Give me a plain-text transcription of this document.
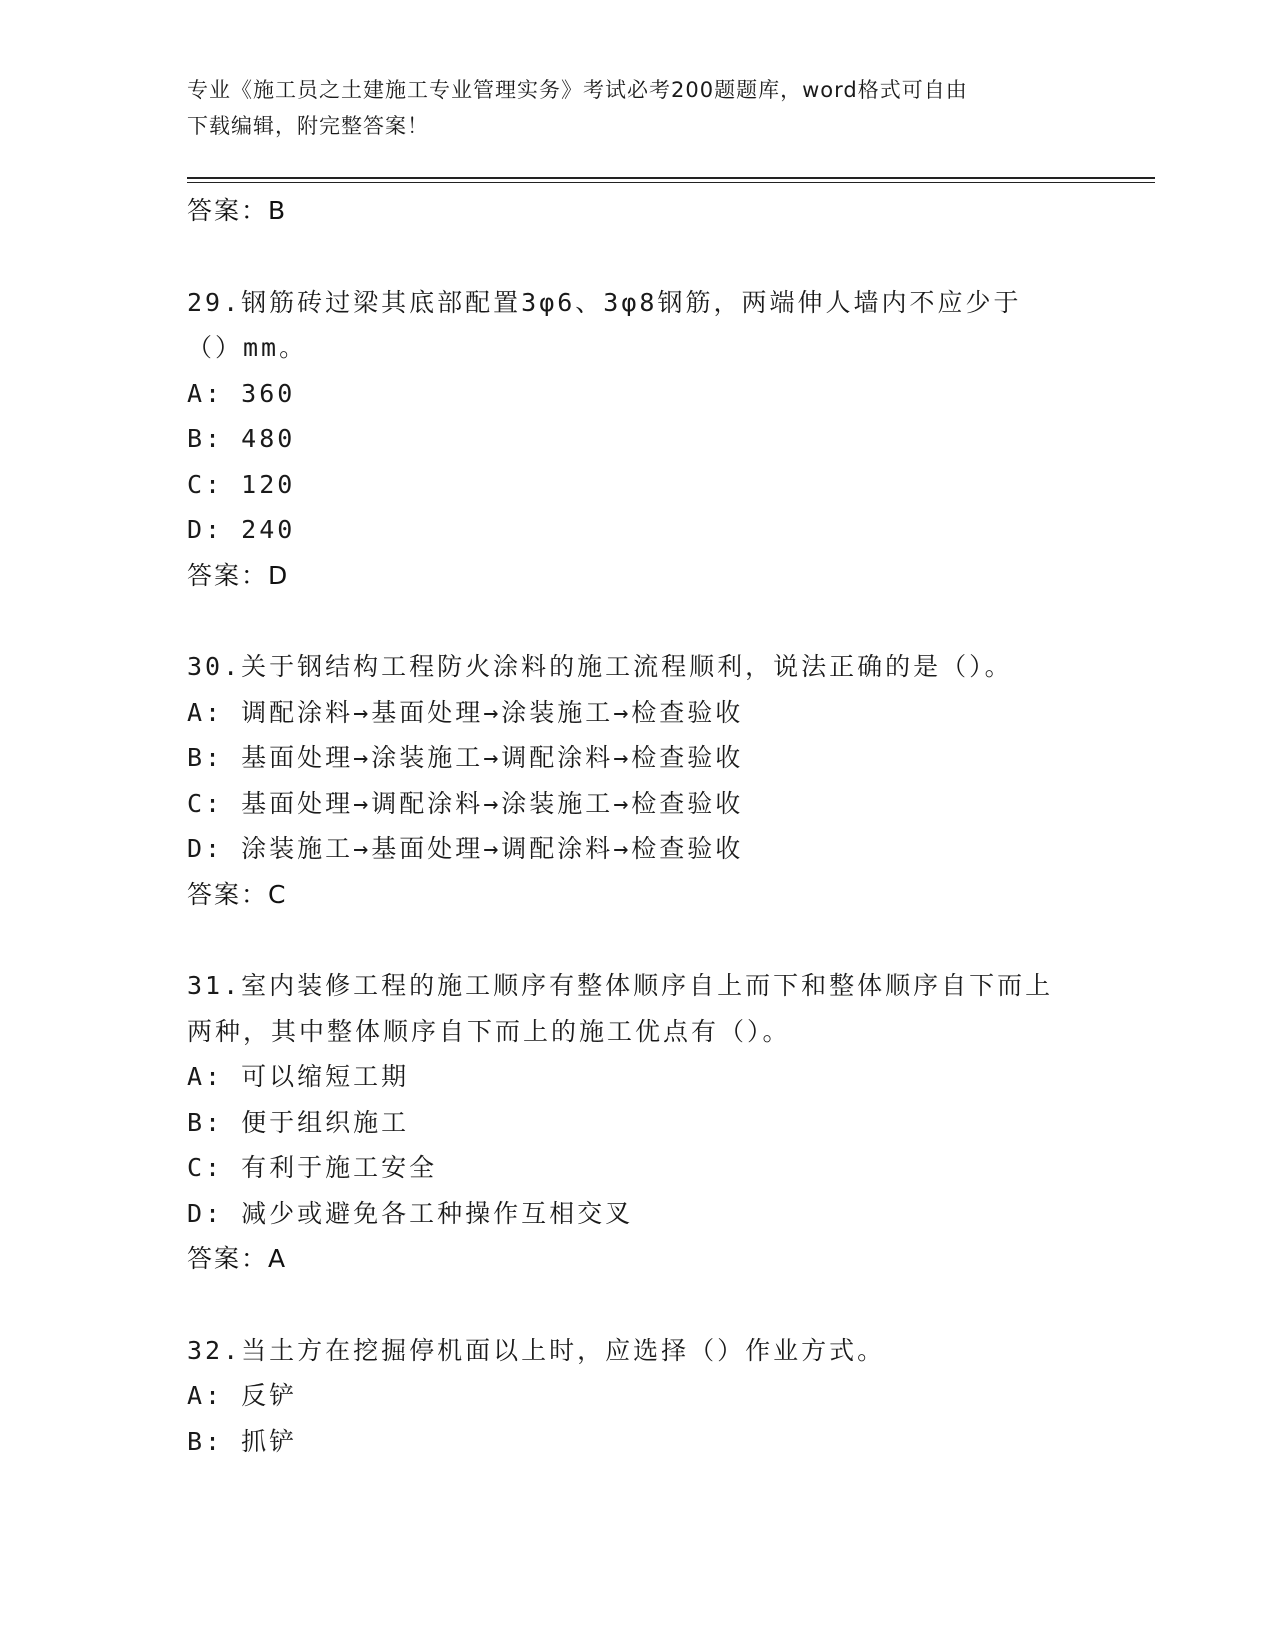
专业《施工员之土建施工专业管理实务》考试必考200题题库，word格式可自由
下载编辑，附完整答案！
答案：B
29.钢筋砖过梁其底部配置3φ6、3φ8钢筋，两端伸人墙内不应少于
（）mm。
A: 360
B: 480
C: 120
D: 240
答案：D
30.关于钢结构工程防火涂料的施工流程顺利，说法正确的是（）。
A: 调配涂料→基面处理→涂装施工→检查验收
B: 基面处理→涂装施工→调配涂料→检查验收
C: 基面处理→调配涂料→涂装施工→检查验收
D: 涂装施工→基面处理→调配涂料→检查验收
答案：C
31.室内装修工程的施工顺序有整体顺序自上而下和整体顺序自下而上
两种，其中整体顺序自下而上的施工优点有（）。
A: 可以缩短工期
B: 便于组织施工
C: 有利于施工安全
D: 减少或避免各工种操作互相交叉
答案：A
32.当土方在挖掘停机面以上时，应选择（）作业方式。
A: 反铲
B: 抓铲
